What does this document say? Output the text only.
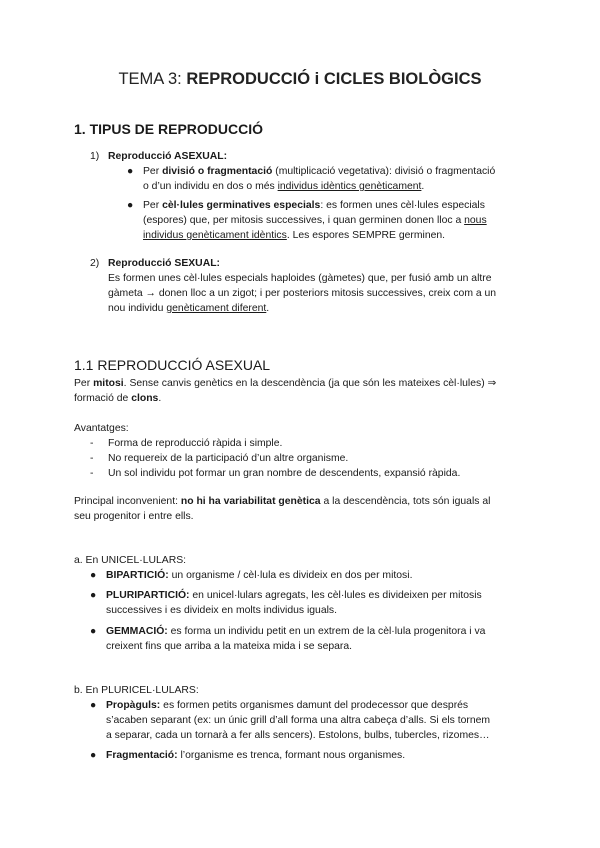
TEMA 3: REPRODUCCIÓ i CICLES BIOLÒGICS
1. TIPUS DE REPRODUCCIÓ
1) Reproducció ASEXUAL:
● Per divisió o fragmentació (multiplicació vegetativa): divisió o fragmentació
o d’un individu en dos o més individus idèntics genèticament.
● Per cèl·lules germinatives especials: es formen unes cèl·lules especials
(espores) que, per mitosis successives, i quan germinen donen lloc a nous
individus genèticament idèntics. Les espores SEMPRE germinen.
2) Reproducció SEXUAL:
Es formen unes cèl·lules especials haploides (gàmetes) que, per fusió amb un altre
gàmeta → donen lloc a un zigot; i per posteriors mitosis successives, creix com a un
nou individu genèticament diferent.
1.1 REPRODUCCIÓ ASEXUAL
Per mitosi. Sense canvis genètics en la descendència (ja que són les mateixes cèl·lules) ⇒
formació de clons.
Avantatges:
- Forma de reproducció ràpida i simple.
- No requereix de la participació d’un altre organisme.
- Un sol individu pot formar un gran nombre de descendents, expansió ràpida.
Principal inconvenient: no hi ha variabilitat genètica a la descendència, tots són iguals al
seu progenitor i entre ells.
a. En UNICEL·LULARS:
● BIPARTICIÓ: un organisme / cèl·lula es divideix en dos per mitosi.
● PLURIPARTICIÓ: en unicel·lulars agregats, les cèl·lules es divideixen per mitosis
successives i es divideix en molts individus iguals.
● GEMMACIÓ: es forma un individu petit en un extrem de la cèl·lula progenitora i va
creixent fins que arriba a la mateixa mida i se separa.
b. En PLURICEL·LULARS:
● Propàguls: es formen petits organismes damunt del prodecessor que després
s’acaben separant (ex: un únic grill d’all forma una altra cabeça d’alls. Si els tornem
a separar, cada un tornarà a fer alls sencers). Estolons, bulbs, tubercles, rizomes…
● Fragmentació: l’organisme es trenca, formant nous organismes.
